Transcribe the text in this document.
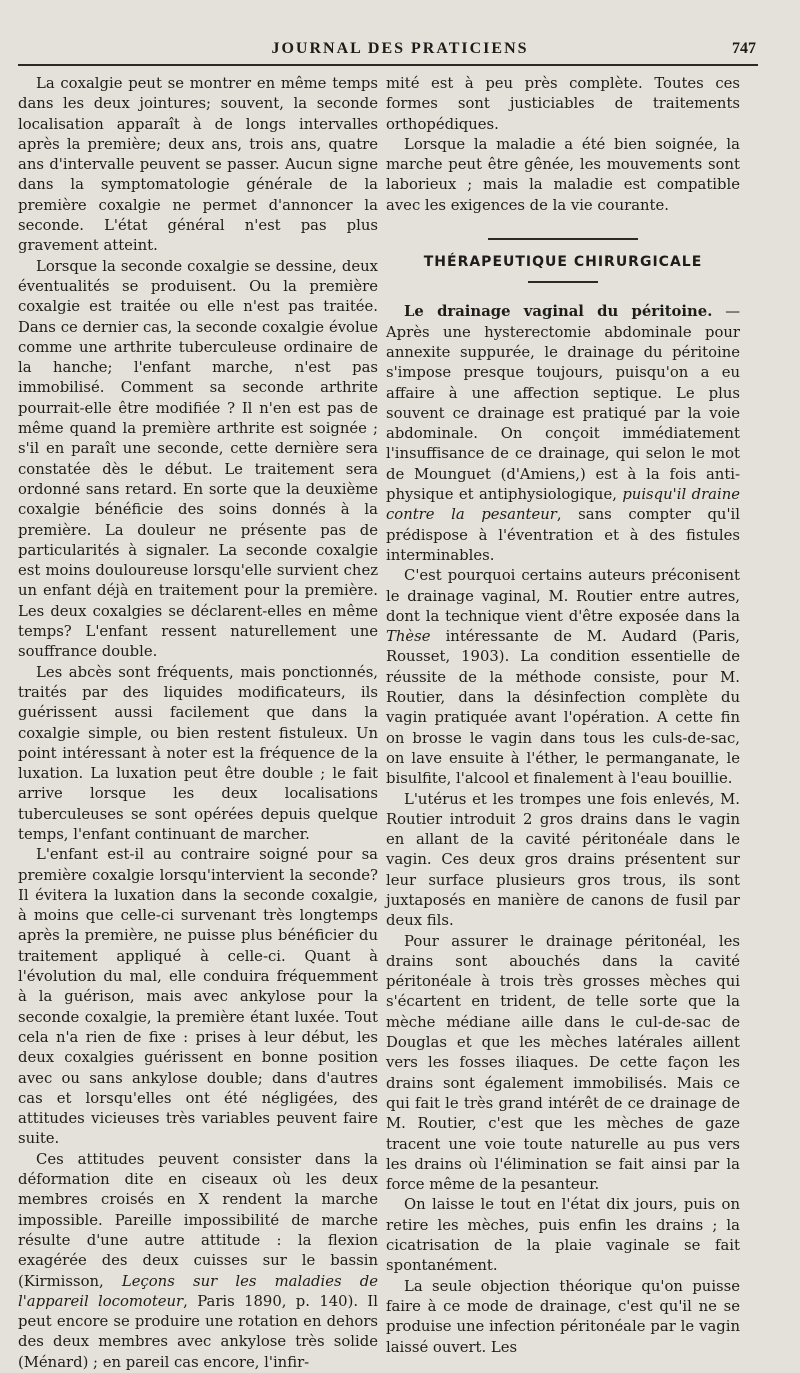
JOURNAL DES PRATICIENS	747

La coxalgie peut se montrer en même temps dans les deux jointures; souvent, la seconde localisation apparaît à de longs intervalles après la première; deux ans, trois ans, quatre ans d'intervalle peuvent se passer. Aucun signe dans la symptomatologie générale de la première coxalgie ne permet d'annoncer la seconde. L'état général n'est pas plus gravement atteint.

Lorsque la seconde coxalgie se dessine, deux éventualités se produisent. Ou la première coxalgie est traitée ou elle n'est pas traitée. Dans ce dernier cas, la seconde coxalgie évolue comme une arthrite tuberculeuse ordinaire de la hanche; l'enfant marche, n'est pas immobilisé. Comment sa seconde arthrite pourrait-elle être modifiée ? Il n'en est pas de même quand la première arthrite est soignée ; s'il en paraît une seconde, cette dernière sera constatée dès le début. Le traitement sera ordonné sans retard. En sorte que la deuxième coxalgie bénéficie des soins donnés à la première. La douleur ne présente pas de particularités à signaler. La seconde coxalgie est moins douloureuse lorsqu'elle survient chez un enfant déjà en traitement pour la première. Les deux coxalgies se déclarent-elles en même temps? L'enfant ressent naturellement une souffrance double.

Les abcès sont fréquents, mais ponctionnés, traités par des liquides modificateurs, ils guérissent aussi facilement que dans la coxalgie simple, ou bien restent fistuleux. Un point intéressant à noter est la fréquence de la luxation. La luxation peut être double ; le fait arrive lorsque les deux localisations tuberculeuses se sont opérées depuis quelque temps, l'enfant continuant de marcher.

L'enfant est-il au contraire soigné pour sa première coxalgie lorsqu'intervient la seconde? Il évitera la luxation dans la seconde coxalgie, à moins que celle-ci survenant très longtemps après la première, ne puisse plus bénéficier du traitement appliqué à celle-ci. Quant à l'évolution du mal, elle conduira fréquemment à la guérison, mais avec ankylose pour la seconde coxalgie, la première étant luxée. Tout cela n'a rien de fixe : prises à leur début, les deux coxalgies guérissent en bonne position avec ou sans ankylose double; dans d'autres cas et lorsqu'elles ont été négligées, des attitudes vicieuses très variables peuvent faire suite.

Ces attitudes peuvent consister dans la déformation dite en ciseaux où les deux membres croisés en X rendent la marche impossible. Pareille impossibilité de marche résulte d'une autre attitude : la flexion exagérée des deux cuisses sur le bassin (Kirmisson, Leçons sur les maladies de l'appareil locomoteur, Paris 1890, p. 140). Il peut encore se produire une rotation en dehors des deux membres avec ankylose très solide (Ménard) ; en pareil cas encore, l'infir-

mité est à peu près complète. Toutes ces formes sont justiciables de traitements orthopédiques.

Lorsque la maladie a été bien soignée, la marche peut être gênée, les mouvements sont laborieux ; mais la maladie est compatible avec les exigences de la vie courante.

THÉRAPEUTIQUE CHIRURGICALE

Le drainage vaginal du péritoine. — Après une hysterectomie abdominale pour annexite suppurée, le drainage du péritoine s'impose presque toujours, puisqu'on a eu affaire à une affection septique. Le plus souvent ce drainage est pratiqué par la voie abdominale. On conçoit immédiatement l'insuffisance de ce drainage, qui selon le mot de Mounguet (d'Amiens,) est à la fois anti-physique et antiphysiologique, puisqu'il draine contre la pesanteur, sans compter qu'il prédispose à l'éventration et à des fistules interminables.

C'est pourquoi certains auteurs préconisent le drainage vaginal, M. Routier entre autres, dont la technique vient d'être exposée dans la Thèse intéressante de M. Audard (Paris, Rousset, 1903). La condition essentielle de réussite de la méthode consiste, pour M. Routier, dans la désinfection complète du vagin pratiquée avant l'opération. A cette fin on brosse le vagin dans tous les culs-de-sac, on lave ensuite à l'éther, le permanganate, le bisulfite, l'alcool et finalement à l'eau bouillie.

L'utérus et les trompes une fois enlevés, M. Routier introduit 2 gros drains dans le vagin en allant de la cavité péritonéale dans le vagin. Ces deux gros drains présentent sur leur surface plusieurs gros trous, ils sont juxtaposés en manière de canons de fusil par deux fils.

Pour assurer le drainage péritonéal, les drains sont abouchés dans la cavité péritonéale à trois très grosses mèches qui s'écartent en trident, de telle sorte que la mèche médiane aille dans le cul-de-sac de Douglas et que les mèches latérales aillent vers les fosses iliaques. De cette façon les drains sont également immobilisés. Mais ce qui fait le très grand intérêt de ce drainage de M. Routier, c'est que les mèches de gaze tracent une voie toute naturelle au pus vers les drains où l'élimination se fait ainsi par la force même de la pesanteur.

On laisse le tout en l'état dix jours, puis on retire les mèches, puis enfin les drains ; la cicatrisation de la plaie vaginale se fait spontanément.

La seule objection théorique qu'on puisse faire à ce mode de drainage, c'est qu'il ne se produise une infection péritonéale par le vagin laissé ouvert. Les
